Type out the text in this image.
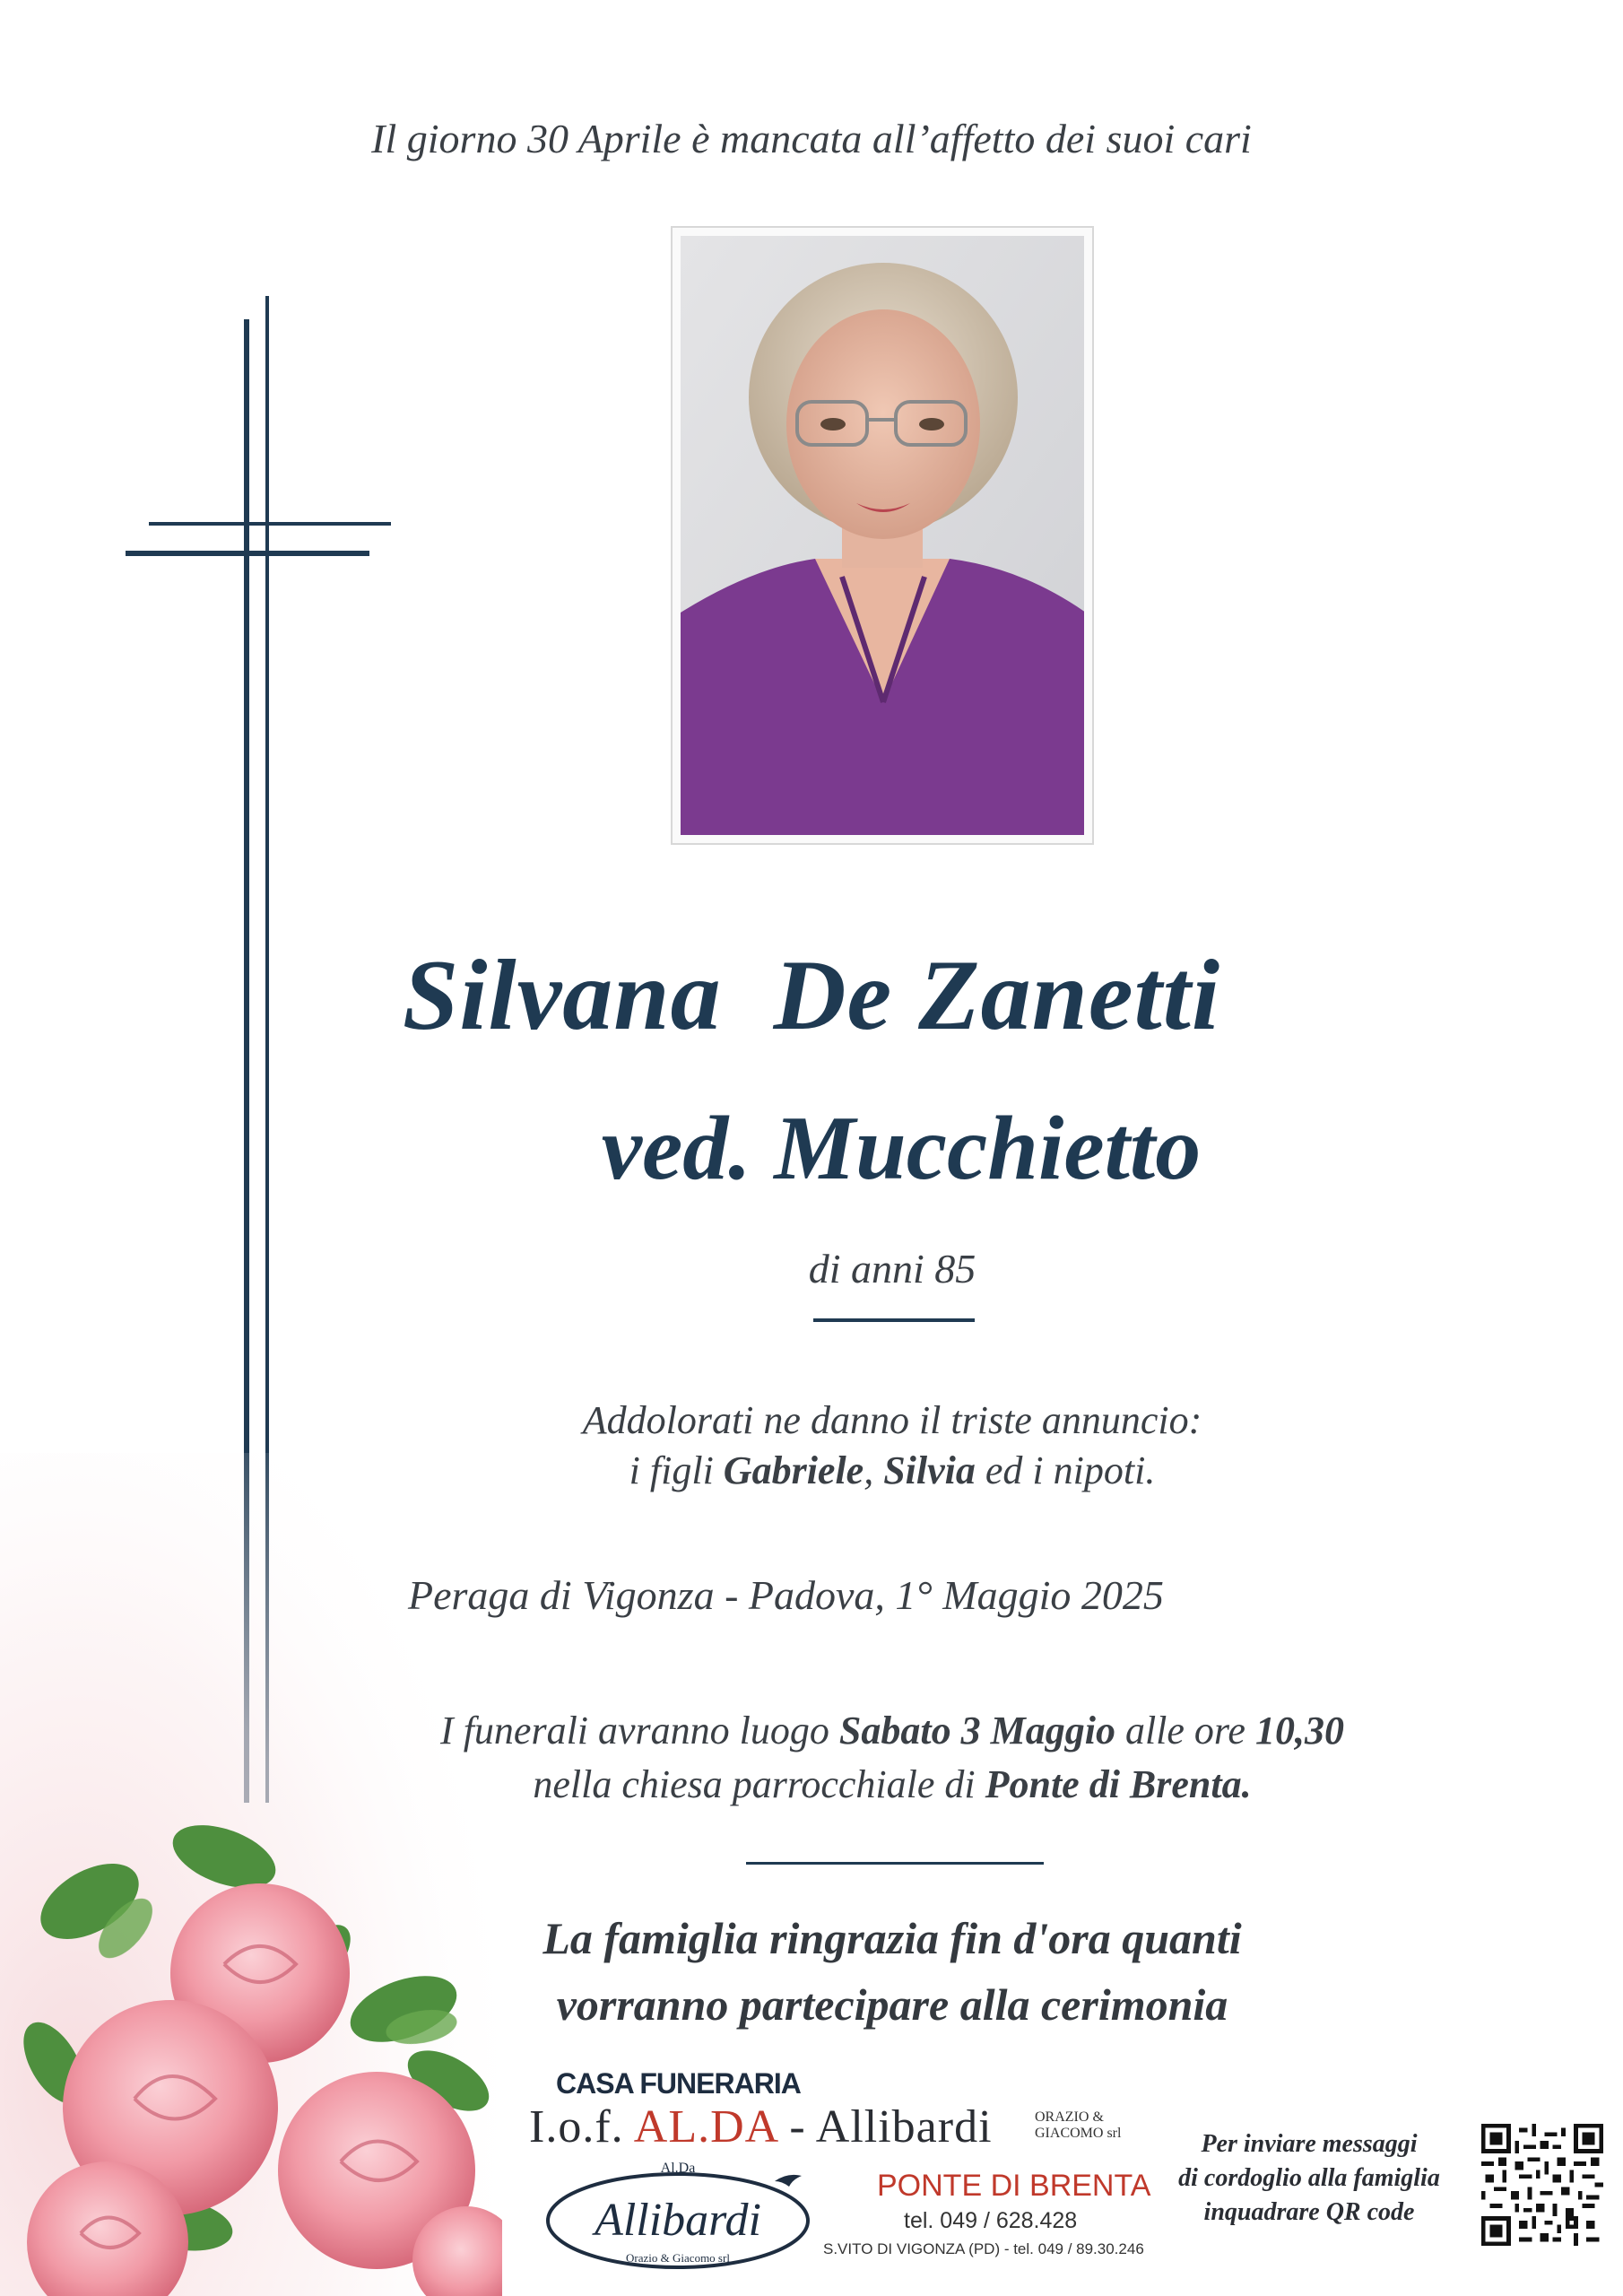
Il giorno 30 Aprile è mancata all’affetto dei suoi cari
Silvana  De Zanetti
ved. Mucchietto
di anni 85
Addolorati ne danno il triste annuncio:
i figli Gabriele, Silvia ed i nipoti.
Peraga di Vigonza - Padova, 1° Maggio 2025
I funerali avranno luogo Sabato 3 Maggio alle ore 10,30
nella chiesa parrocchiale di Ponte di Brenta.
La famiglia ringrazia fin d'ora quanti
vorranno partecipare alla cerimonia
CASA FUNERARIA
I.o.f. AL.DA - Allibardi	ORAZIO &
GIACOMO srl
PONTE DI BRENTA
tel. 049 / 628.428
S.VITO DI VIGONZA (PD) - tel. 049 / 89.30.246
Al.Da
Allibardi
Orazio & Giacomo srl
Per inviare messaggi
di cordoglio alla famiglia
inquadrare QR code
